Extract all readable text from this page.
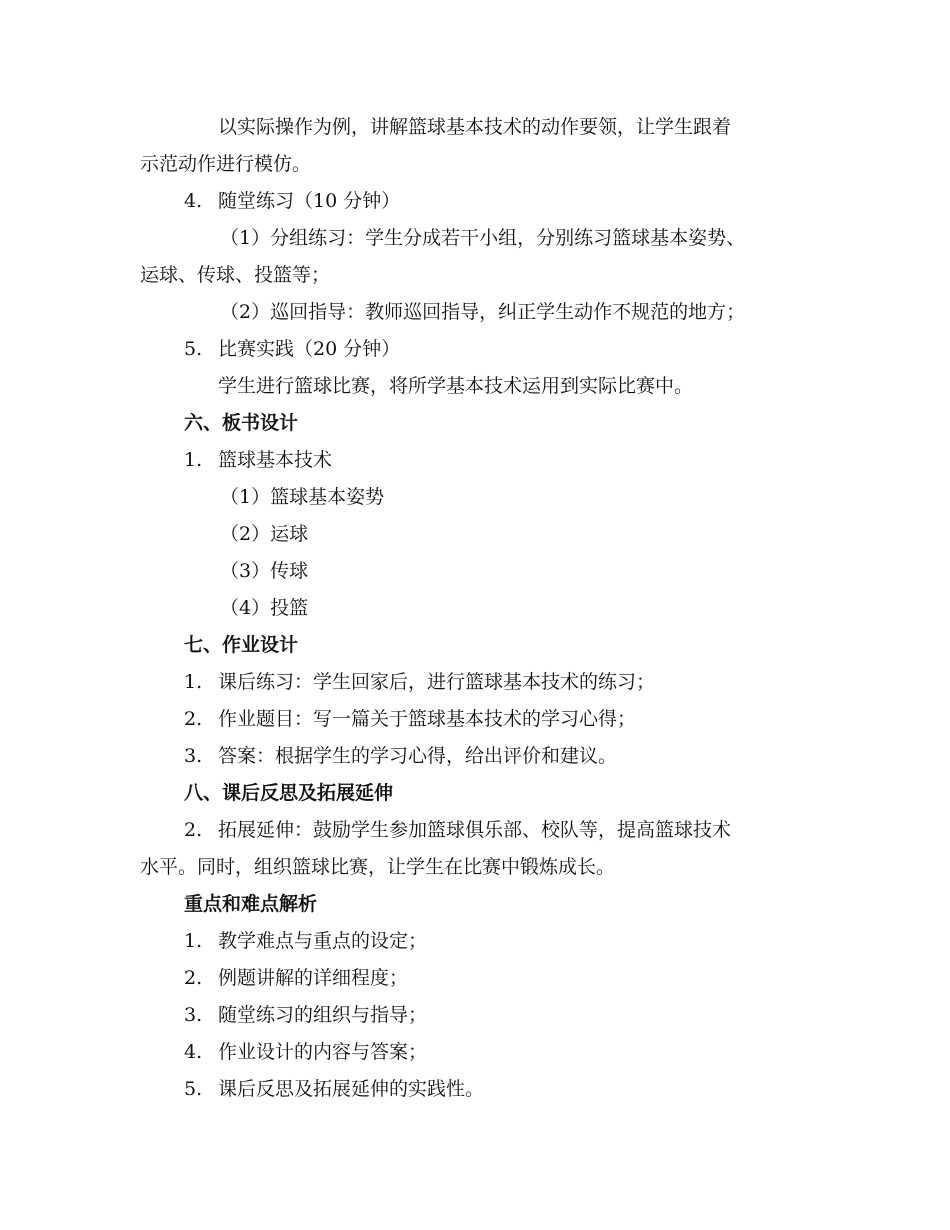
以实际操作为例，讲解篮球基本技术的动作要领，让学生跟着
示范动作进行模仿。
4. 随堂练习（10 分钟）
（1）分组练习：学生分成若干小组，分别练习篮球基本姿势、
运球、传球、投篮等；
（2）巡回指导：教师巡回指导，纠正学生动作不规范的地方；
5. 比赛实践（20 分钟）
学生进行篮球比赛，将所学基本技术运用到实际比赛中。
六、板书设计
1. 篮球基本技术
（1）篮球基本姿势
（2）运球
（3）传球
（4）投篮
七、作业设计
1. 课后练习：学生回家后，进行篮球基本技术的练习；
2. 作业题目：写一篇关于篮球基本技术的学习心得；
3. 答案：根据学生的学习心得，给出评价和建议。
八、课后反思及拓展延伸
2. 拓展延伸：鼓励学生参加篮球俱乐部、校队等，提高篮球技术
水平。同时，组织篮球比赛，让学生在比赛中锻炼成长。
重点和难点解析
1. 教学难点与重点的设定；
2. 例题讲解的详细程度；
3. 随堂练习的组织与指导；
4. 作业设计的内容与答案；
5. 课后反思及拓展延伸的实践性。
